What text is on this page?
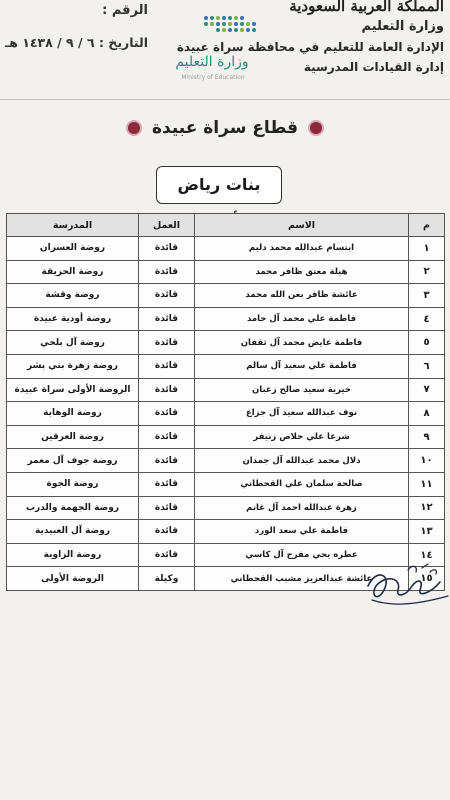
المملكة العربية السعودية
وزارة التعليم
الإدارة العامة للتعليم في محافظة سراة عبيدة
إدارة القيادات المدرسية
وزارة التعليم
Ministry of Education
الرقم :
التاريخ : ٦ / ٩ / ١٤٣٨ هـ
قطاع سراة عبيدة
بنات رياض
م	الاسم	العمل	المدرسة
١	ابتسام عبدالله محمد دليم	قائدة	روضة العسران
٢	هيلة معتق ظافر محمد	قائدة	روضة الحريقة
٣	عائشة ظافر بعن الله محمد	قائدة	روضة وقشة
٤	فاطمة علي محمد آل حامد	قائدة	روضة أودية عبيدة
٥	فاطمة عايض محمد آل ثقفان	قائدة	روضة آل بلحي
٦	فاطمة علي سعيد آل سالم	قائدة	روضة زهرة بني بشر
٧	خيرية سعيد صالح زعبان	قائدة	الروضة الأولى سراة عبيدة
٨	نوف عبدالله سعيد آل جزاع	قائدة	روضة الوهابة
٩	شرعا علي حلاص زنيفر	قائدة	روضة العرقين
١٠	دلال محمد عبدالله آل جمدان	قائدة	روضة جوف آل معمر
١١	صالحة سلمان علي القحطاني	قائدة	روضة الجوة
١٢	زهرة عبدالله احمد آل غانم	قائدة	روضة الجهمة والدرب
١٣	فاطمة علي سعد الورد	قائدة	روضة آل العبيدية
١٤	عطره يحي مفرح آل كاسي	قائدة	روضة الزاوية
١٥	عائشة عبدالعزيز مشبب القحطاني	وكيلة	الروضة الأولى
